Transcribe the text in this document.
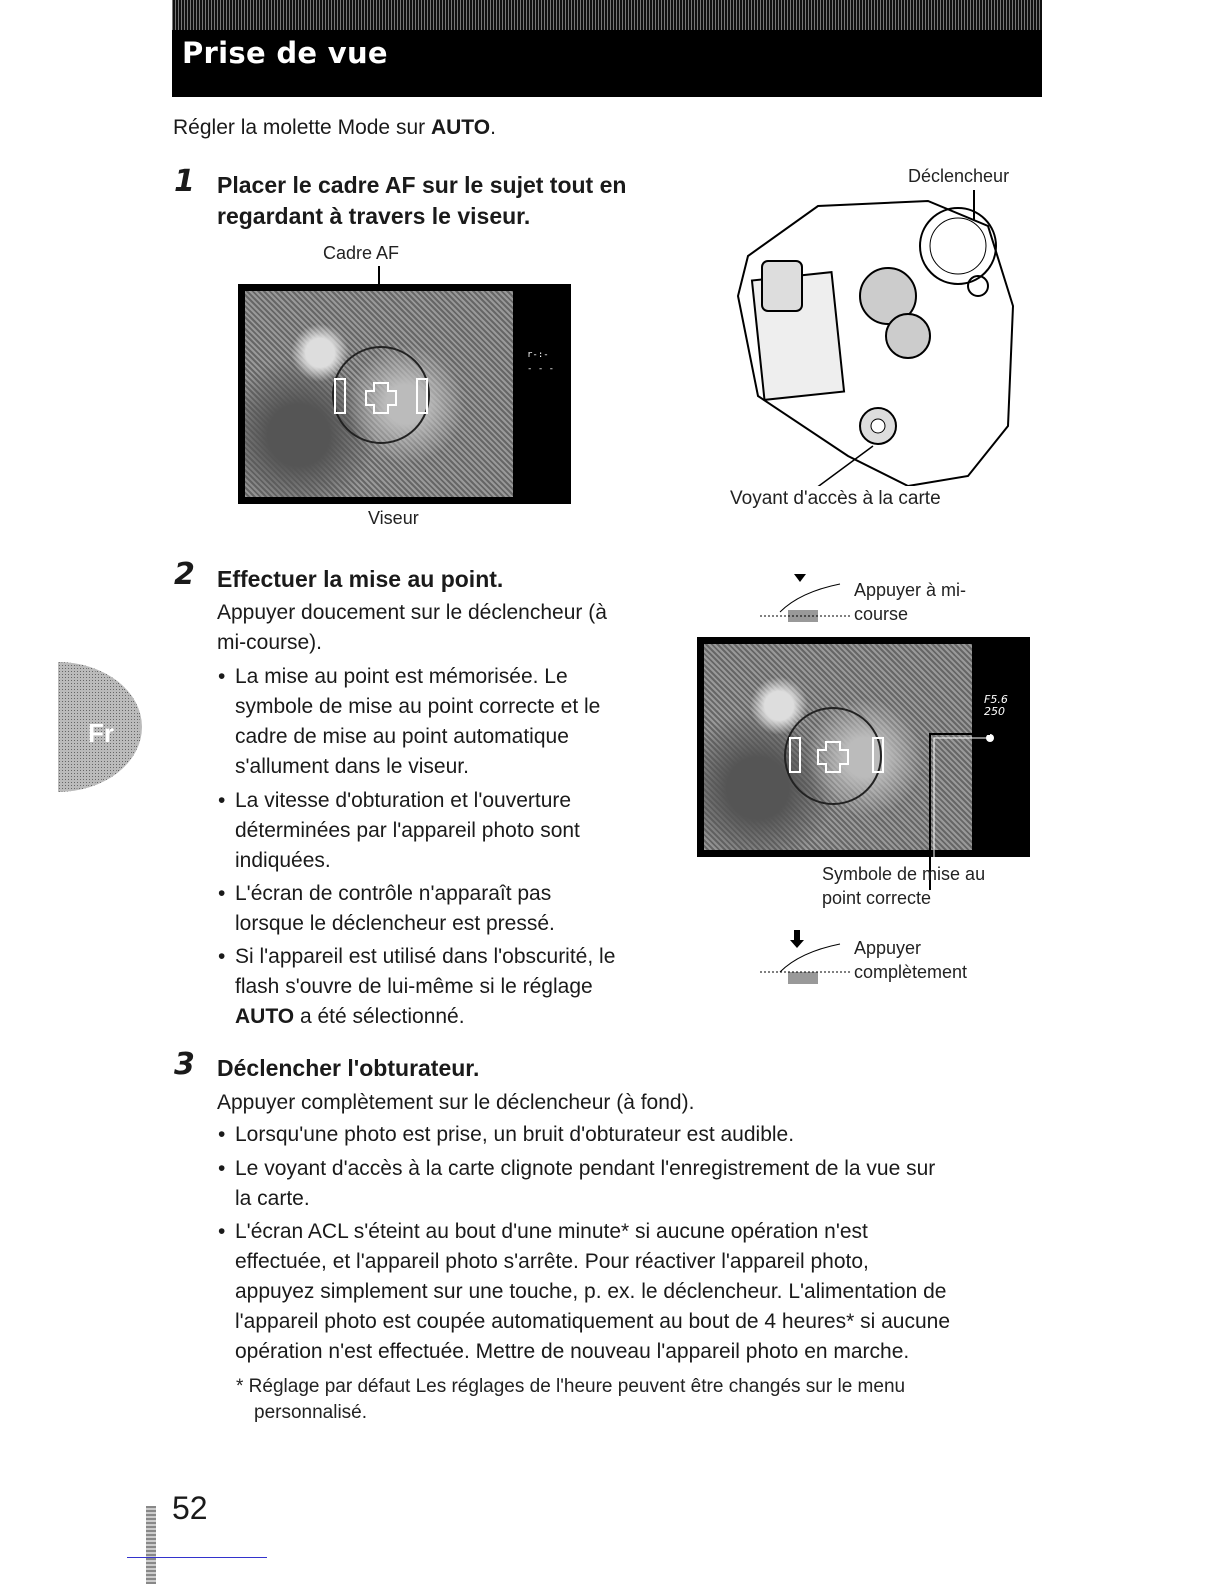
Prise de vue
Régler la molette Mode sur AUTO.
1 Placer le cadre AF sur le sujet tout en
regardant à travers le viseur.
Cadre AF
r-:-
- - -
Viseur
Déclencheur
Voyant d'accès à la carte
2 Effectuer la mise au point.
Appuyer doucement sur le déclencheur (à
mi-course).
• La mise au point est mémorisée. Le
symbole de mise au point correcte et le
cadre de mise au point automatique
s'allument dans le viseur.
• La vitesse d'obturation et l'ouverture
déterminées par l'appareil photo sont
indiquées.
• L'écran de contrôle n'apparaît pas
lorsque le déclencheur est pressé.
• Si l'appareil est utilisé dans l'obscurité, le
flash s'ouvre de lui-même si le réglage
AUTO a été sélectionné.
Appuyer à mi-
course
F5.6
250
Symbole de mise au
point correcte
Appuyer
complètement
3 Déclencher l'obturateur.
Appuyer complètement sur le déclencheur (à fond).
• Lorsqu'une photo est prise, un bruit d'obturateur est audible.
• Le voyant d'accès à la carte clignote pendant l'enregistrement de la vue sur
la carte.
• L'écran ACL s'éteint au bout d'une minute* si aucune opération n'est
effectuée, et l'appareil photo s'arrête. Pour réactiver l'appareil photo,
appuyez simplement sur une touche, p. ex. le déclencheur. L'alimentation de
l'appareil photo est coupée automatiquement au bout de 4 heures* si aucune
opération n'est effectuée. Mettre de nouveau l'appareil photo en marche.
* Réglage par défaut Les réglages de l'heure peuvent être changés sur le menu
personnalisé.
Fr
52
